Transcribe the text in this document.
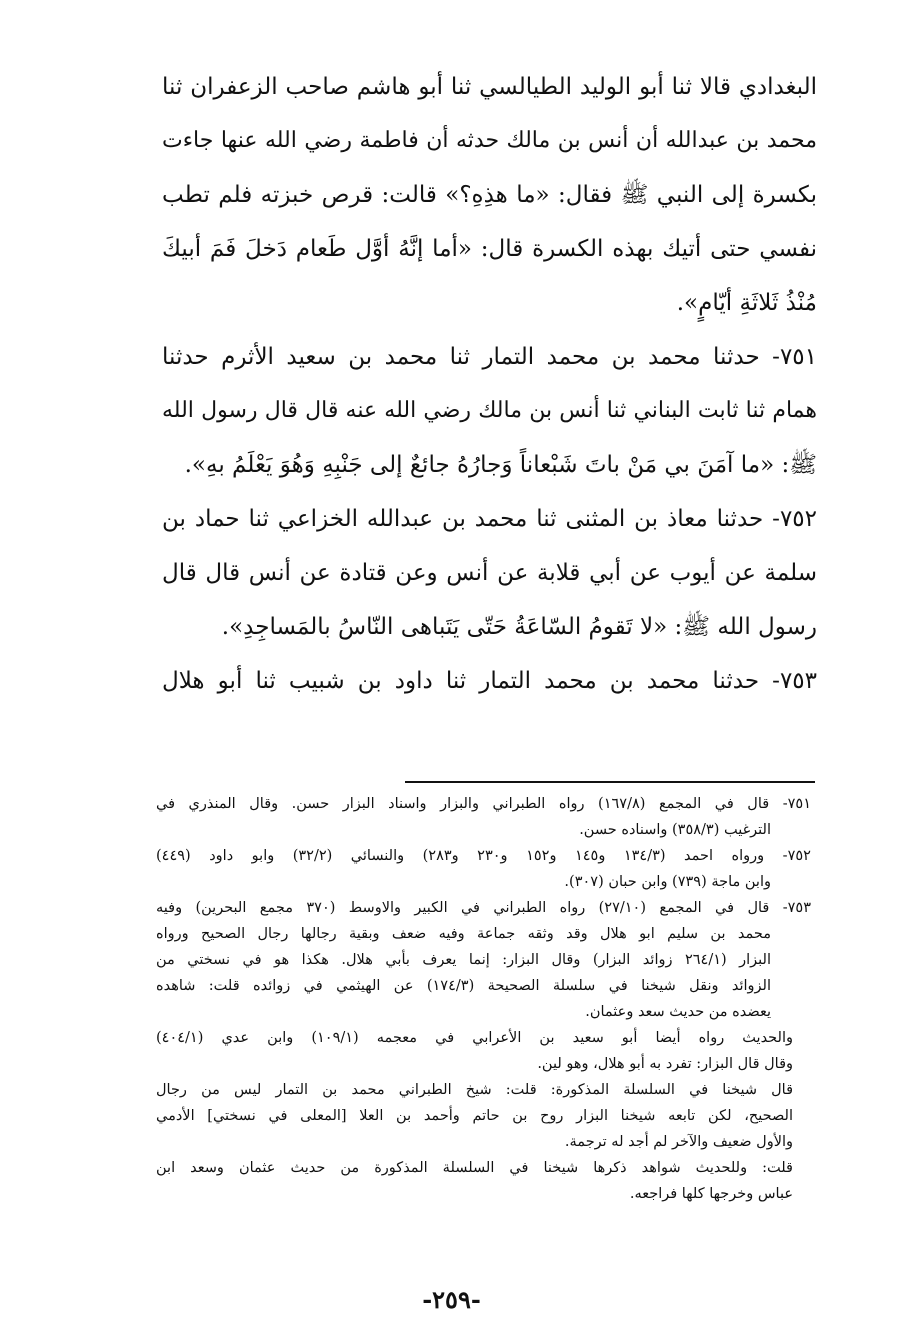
البغدادي قالا ثنا أبو الوليد الطيالسي ثنا أبو هاشم صاحب الزعفران ثنا
محمد بن عبدالله أن أنس بن مالك حدثه أن فاطمة رضي الله عنها جاءت
بكسرة إلى النبي ﷺ فقال: «ما هذِهِ؟» قالت: قرص خبزته فلم تطب
نفسي حتى أتيك بهذه الكسرة قال: «أما إنَّهُ أوَّل طَعام دَخلَ فَمَ أبيكَ
مُنْذُ ثَلاثَةِ أيّامٍ».
٧٥١- حدثنا محمد بن محمد التمار ثنا محمد بن سعيد الأثرم حدثنا
همام ثنا ثابت البناني ثنا أنس بن مالك رضي الله عنه قال قال رسول الله
ﷺ: «ما آمَنَ بي مَنْ باتَ شَبْعاناً وَجارُهُ جائعٌ إلى جَنْبِهِ وَهُوَ يَعْلَمُ بهِ».
٧٥٢- حدثنا معاذ بن المثنى ثنا محمد بن عبدالله الخزاعي ثنا حماد بن
سلمة عن أيوب عن أبي قلابة عن أنس وعن قتادة عن أنس قال قال
رسول الله ﷺ: «لا تَقومُ السّاعَةُ حَتّى يَتَباهى النّاسُ بالمَساجِدِ».
٧٥٣- حدثنا محمد بن محمد التمار ثنا داود بن شبيب ثنا أبو هلال
٧٥١- قال في المجمع (١٦٧/٨) رواه الطبراني والبزار واسناد البزار حسن. وقال المنذري في
الترغيب (٣٥٨/٣) واسناده حسن.
٧٥٢- ورواه احمد (١٣٤/٣ و١٤٥ و١٥٢ و٢٣٠ و٢٨٣) والنسائي (٣٢/٢) وابو داود (٤٤٩)
وابن ماجة (٧٣٩) وابن حبان (٣٠٧).
٧٥٣- قال في المجمع (٢٧/١٠) رواه الطبراني في الكبير والاوسط (٣٧٠ مجمع البحرين) وفيه
محمد بن سليم ابو هلال وقد وثقه جماعة وفيه ضعف وبقية رجالها رجال الصحيح ورواه
البزار (٢٦٤/١ زوائد البزار) وقال البزار: إنما يعرف بأبي هلال. هكذا هو في نسختي من
الزوائد ونقل شيخنا في سلسلة الصحيحة (١٧٤/٣) عن الهيثمي في زوائده قلت: شاهده
يعضده من حديث سعد وعثمان.
والحديث رواه أيضا أبو سعيد بن الأعرابي في معجمه (١٠٩/١) وابن عدي (٤٠٤/١)
وقال قال البزار: تفرد به أبو هلال، وهو لين.
قال شيخنا في السلسلة المذكورة: قلت: شيخ الطبراني محمد بن التمار ليس من رجال
الصحيح، لكن تابعه شيخنا البزار روح بن حاتم وأحمد بن العلا [المعلى في نسختي] الأدمي
والأول ضعيف والآخر لم أجد له ترجمة.
قلت: وللحديث شواهد ذكرها شيخنا في السلسلة المذكورة من حديث عثمان وسعد ابن
عباس وخرجها كلها فراجعه.
-٢٥٩-
